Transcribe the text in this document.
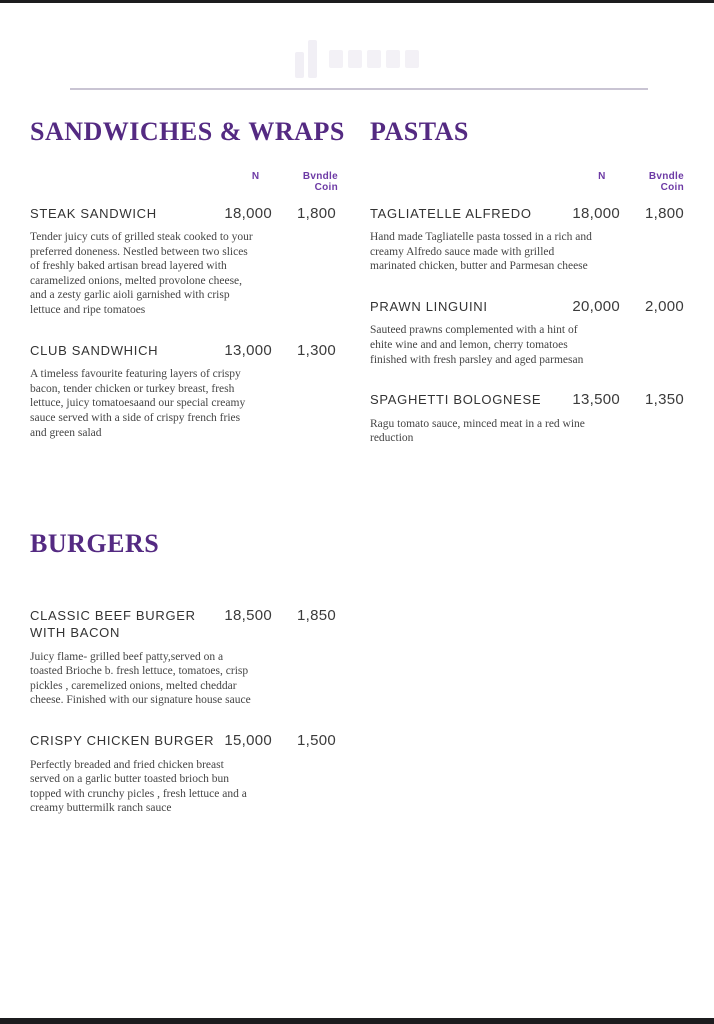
SANDWICHES & WRAPS
N	Bvndle Coin
STEAK SANDWICH	18,000	1,800

Tender juicy cuts of grilled steak cooked to your preferred doneness. Nestled between two slices of freshly baked artisan bread layered with caramelized onions, melted provolone cheese, and a zesty garlic aioli garnished with crisp lettuce and ripe tomatoes

CLUB SANDWHICH	13,000	1,300

A timeless favourite featuring layers of crispy bacon, tender chicken or turkey breast, fresh lettuce, juicy tomatoesaand our special creamy sauce served with a side of crispy french fries and green salad

PASTAS
N	Bvndle Coin
TAGLIATELLE ALFREDO	18,000	1,800

Hand made Tagliatelle pasta tossed in a rich and creamy Alfredo sauce made with grilled marinated chicken, butter and Parmesan cheese

PRAWN LINGUINI	20,000	2,000

Sauteed prawns complemented with a hint of ehite wine and and lemon, cherry tomatoes finished with fresh parsley and aged parmesan

SPAGHETTI BOLOGNESE	13,500	1,350

Ragu tomato sauce, minced meat in a red wine reduction

BURGERS
CLASSIC BEEF BURGER WITH BACON
18,500	1,850

Juicy flame- grilled beef patty,served on a toasted Brioche b. fresh lettuce, tomatoes, crisp pickles , caremelized onions, melted cheddar cheese. Finished with our signature house sauce

CRISPY CHICKEN BURGER 15,000	1,500

Perfectly breaded and fried chicken breast served on a garlic butter toasted brioch bun topped with crunchy picles , fresh lettuce and a creamy buttermilk ranch sauce
